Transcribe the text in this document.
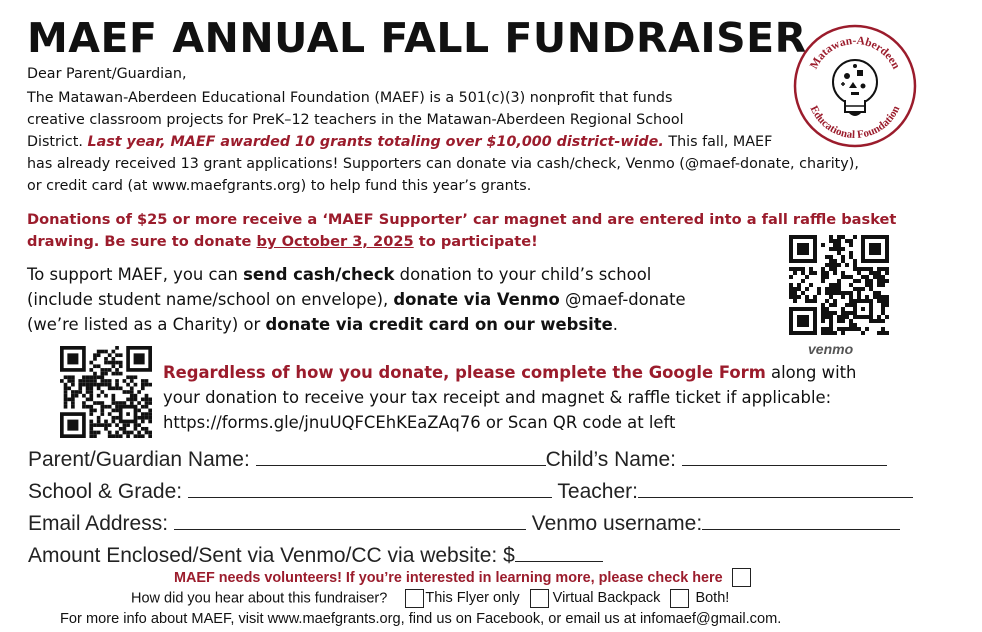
MAEF ANNUAL FALL FUNDRAISER
Matawan-Aberdeen
Educational Foundation
Dear Parent/Guardian,
The Matawan-Aberdeen Educational Foundation (MAEF) is a 501(c)(3) nonprofit that funds
creative classroom projects for PreK–12 teachers in the Matawan-Aberdeen Regional School
District. Last year, MAEF awarded 10 grants totaling over $10,000 district-wide. This fall, MAEF
has already received 13 grant applications! Supporters can donate via cash/check, Venmo (@maef-donate, charity),
or credit card (at www.maefgrants.org) to help fund this year’s grants.
Donations of $25 or more receive a ‘MAEF Supporter’ car magnet and are entered into a fall raffle basket
drawing. Be sure to donate by October 3, 2025 to participate!
To support MAEF, you can send cash/check donation to your child’s school
(include student name/school on envelope), donate via Venmo @maef-donate
(we’re listed as a Charity) or donate via credit card on our website.
venmo
Regardless of how you donate, please complete the Google Form along with
your donation to receive your tax receipt and magnet & raffle ticket if applicable:
https://forms.gle/jnuUQFCEhKEaZAq76 or Scan QR code at left
Parent/Guardian Name:	Child’s Name:
School & Grade:	Teacher:
Email Address:	Venmo username:
Amount Enclosed/Sent via Venmo/CC via website: $
MAEF needs volunteers! If you’re interested in learning more, please check here
How did you hear about this fundraiser?	This Flyer only Virtual Backpack Both!
For more info about MAEF, visit www.maefgrants.org, find us on Facebook, or email us at infomaef@gmail.com.
